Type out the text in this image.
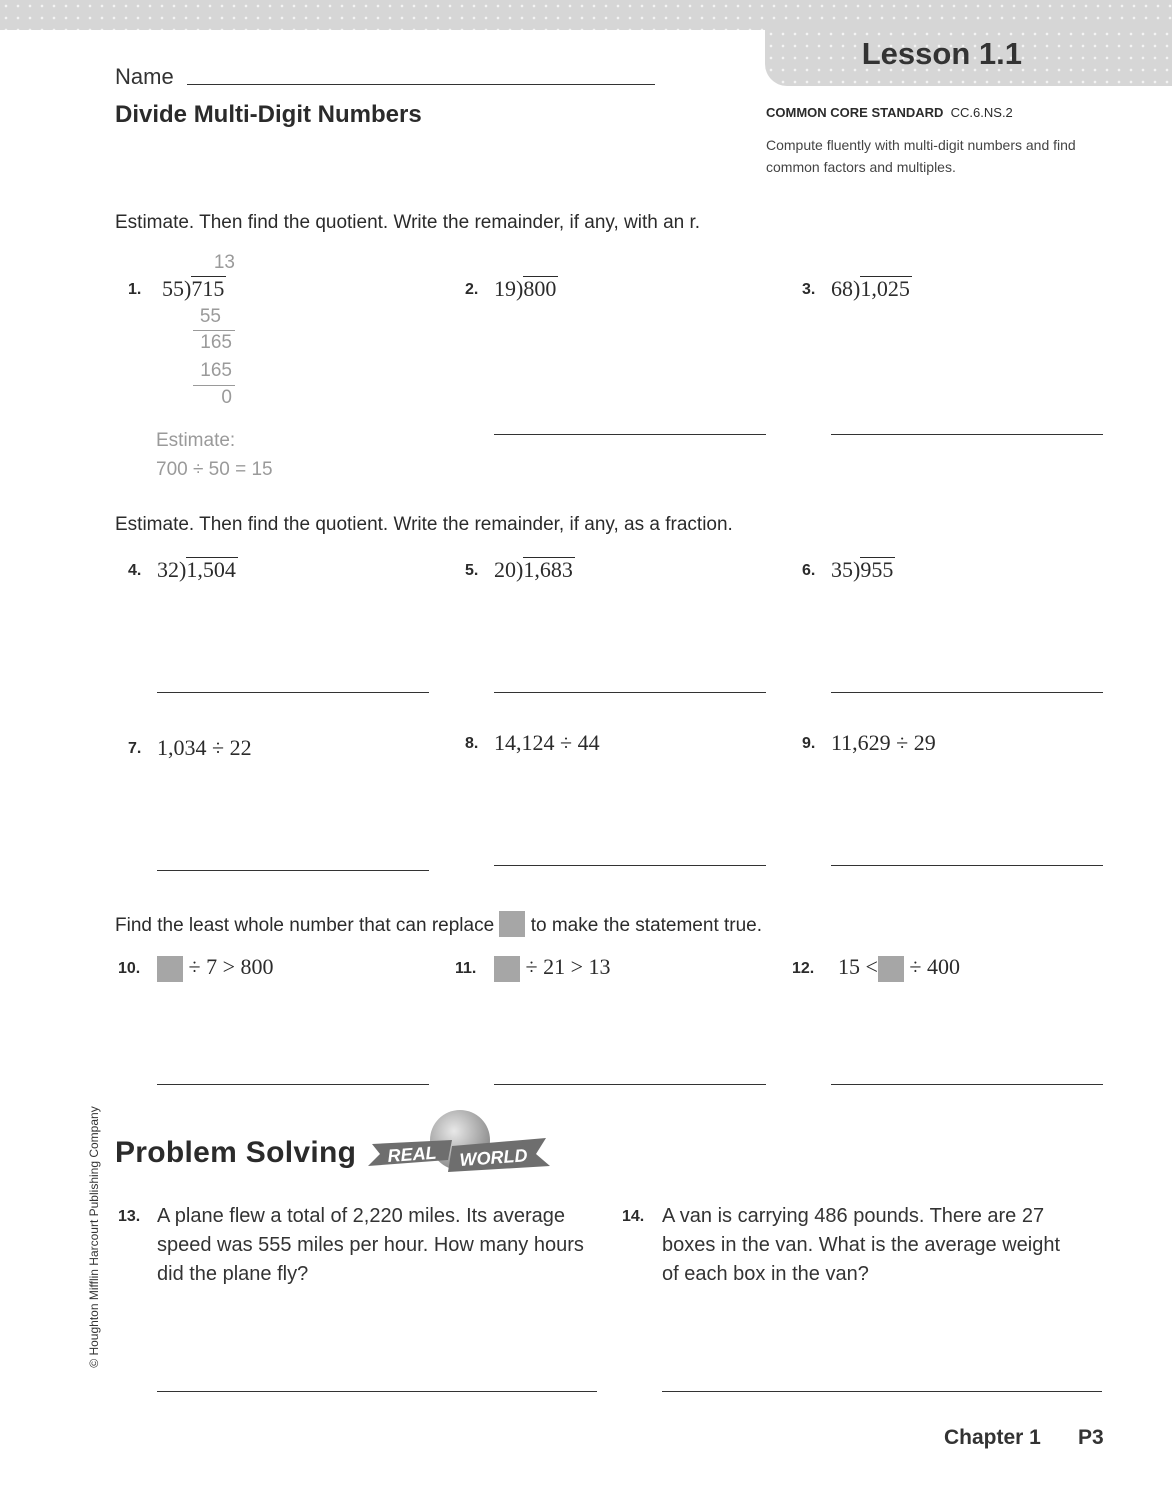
Lesson 1.1
Name
Divide Multi-Digit Numbers	COMMON CORE STANDARD CC.6.NS.2
Compute fluently with multi-digit numbers and find common factors and multiples.
Estimate. Then find the quotient. Write the remainder, if any, with an r.
1. 55)715
13
55
165
165
0
Estimate:
700 ÷ 50 = 15
2. 19)800	3. 68)1,025
Estimate. Then find the quotient. Write the remainder, if any, as a fraction.
4. 32)1,504	5. 20)1,683	6. 35)955
7. 1,034 ÷ 22	8. 14,124 ÷ 44	9. 11,629 ÷ 29
Find the least whole number that can replace to make the statement true.
10.	÷ 7 > 800	11.	÷ 21 > 13	12. 15 < ÷ 400
© Houghton Mifflin Harcourt Publishing Company Problem Solving REAL WORLD
13. A plane flew a total of 2,220 miles. Its average speed was 555 miles per hour. How many hours did the plane fly?
14. A van is carrying 486 pounds. There are 27 boxes in the van. What is the average weight of each box in the van?
Chapter 1 P3
